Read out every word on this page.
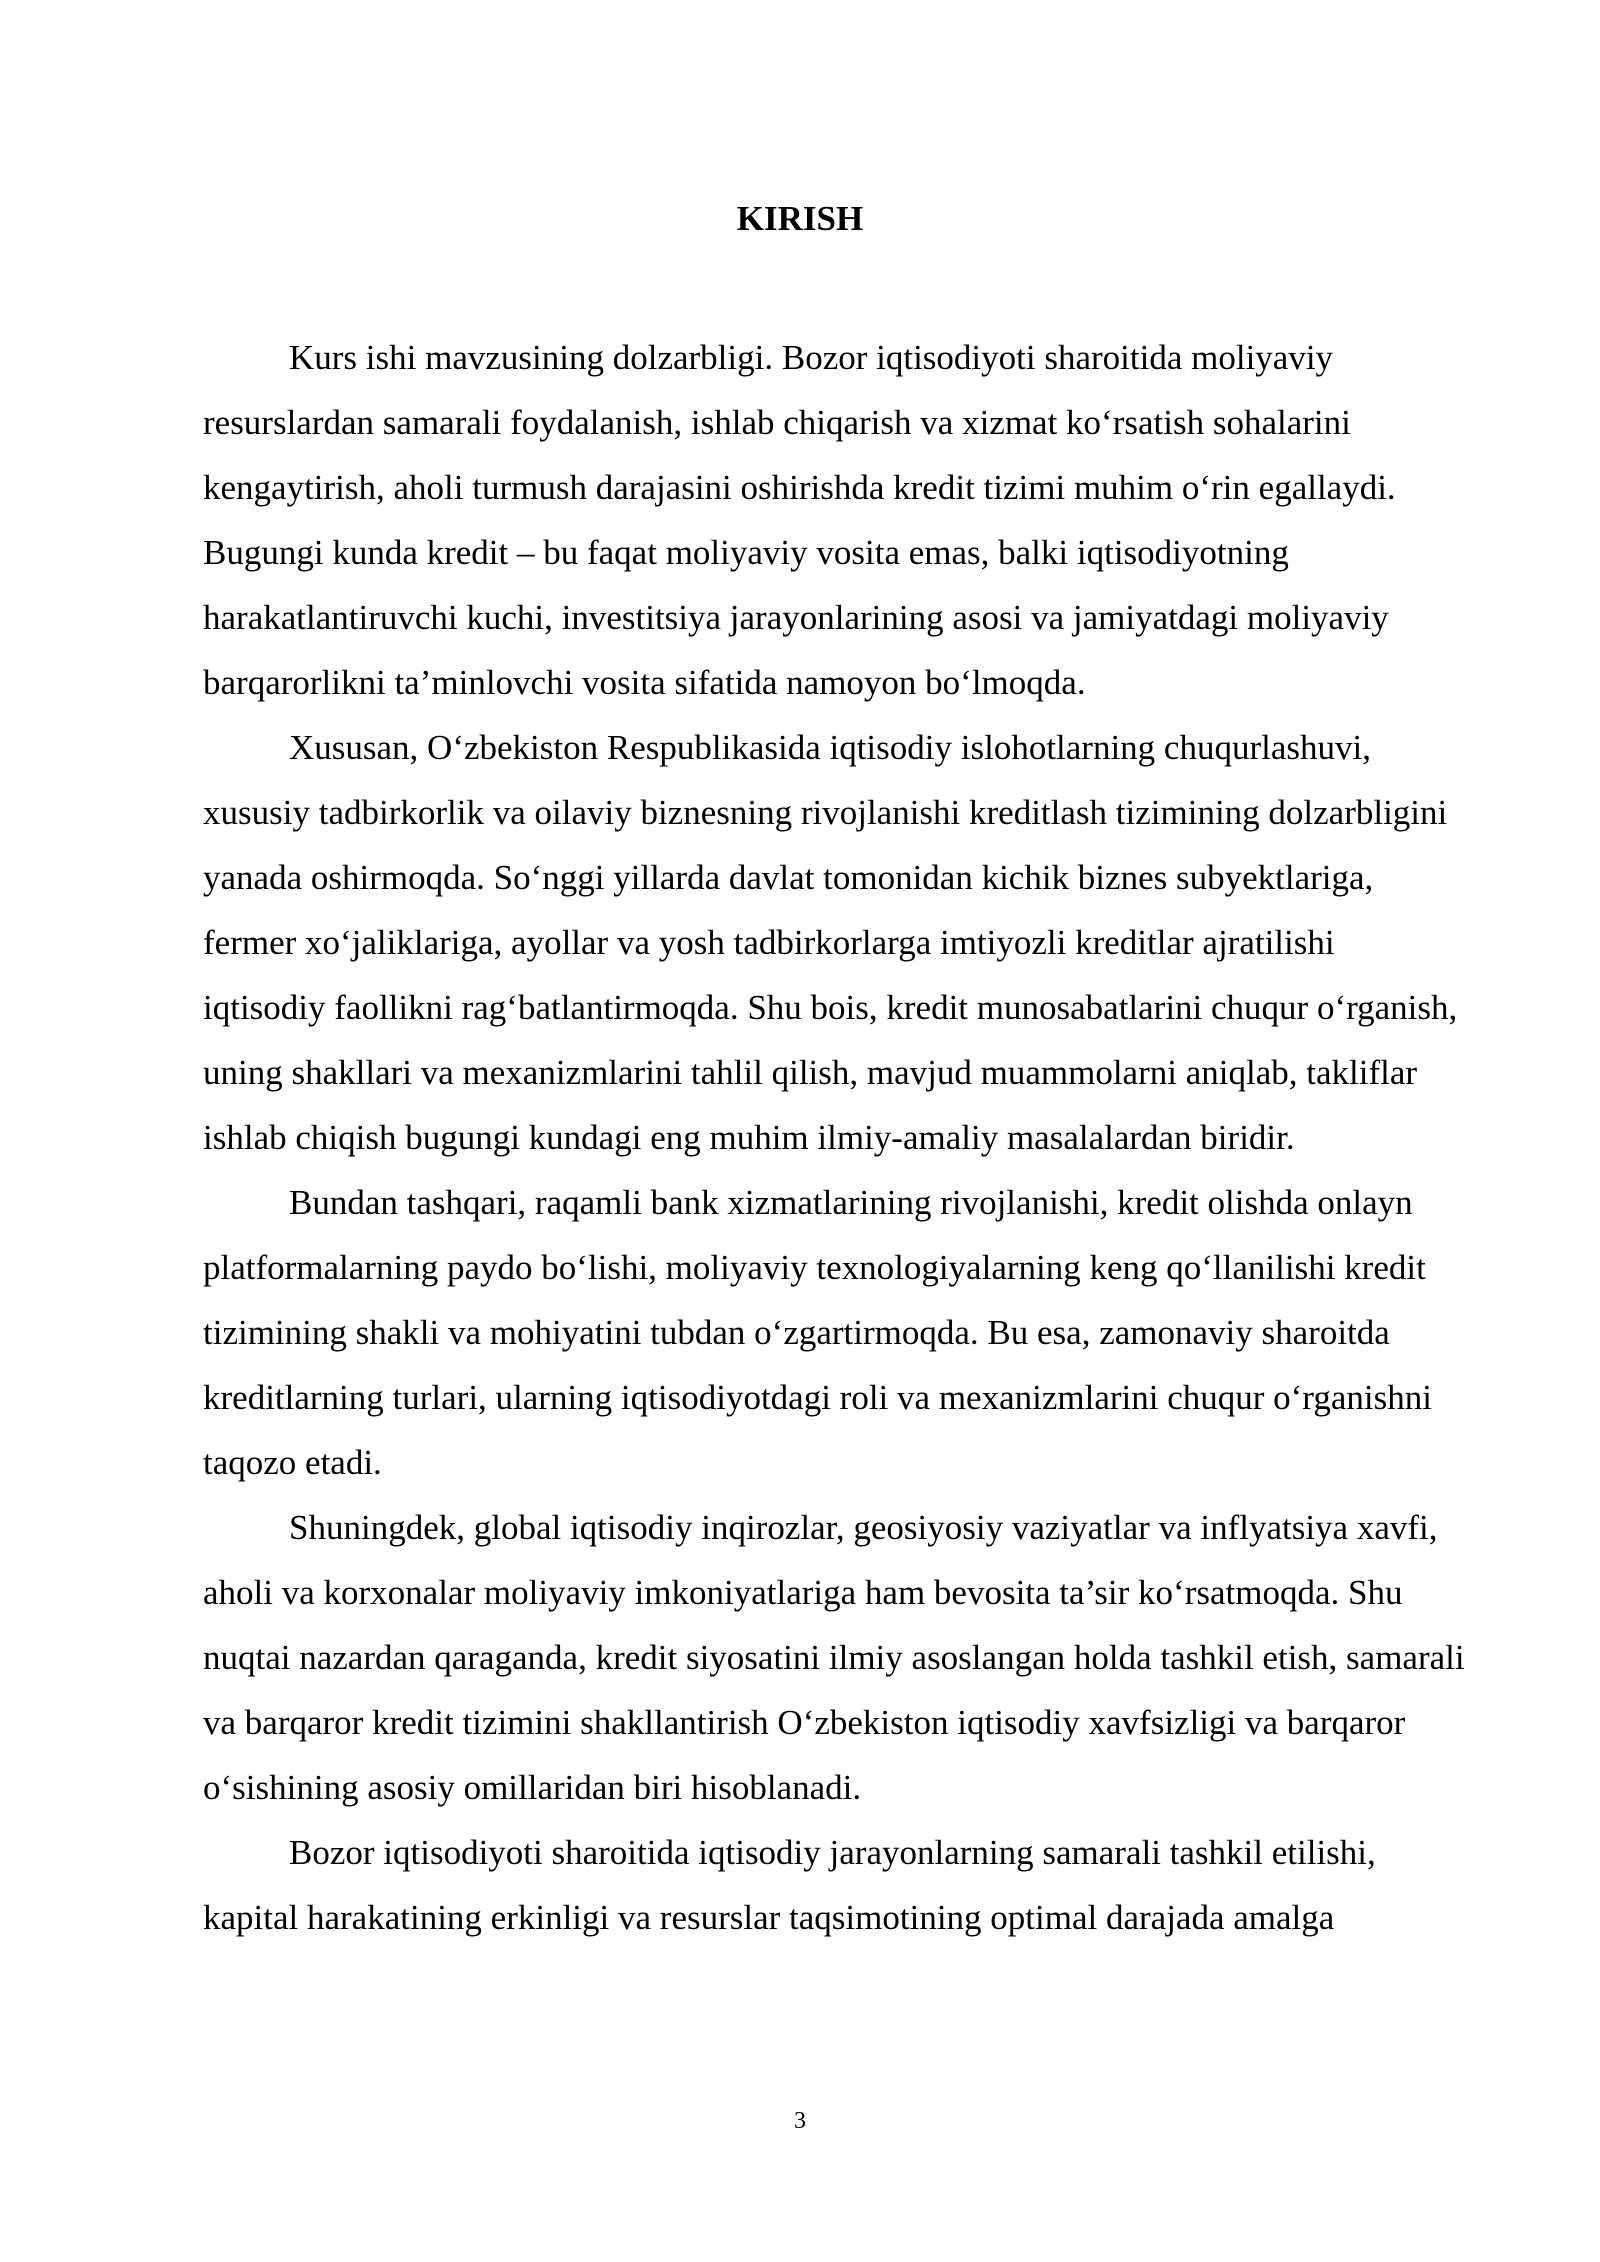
KIRISH

Kurs ishi mavzusining dolzarbligi. Bozor iqtisodiyoti sharoitida moliyaviy resurslardan samarali foydalanish, ishlab chiqarish va xizmat ko‘rsatish sohalarini kengaytirish, aholi turmush darajasini oshirishda kredit tizimi muhim o‘rin egallaydi. Bugungi kunda kredit – bu faqat moliyaviy vosita emas, balki iqtisodiyotning harakatlantiruvchi kuchi, investitsiya jarayonlarining asosi va jamiyatdagi moliyaviy barqarorlikni ta’minlovchi vosita sifatida namoyon bo‘lmoqda.

Xususan, O‘zbekiston Respublikasida iqtisodiy islohotlarning chuqurlashuvi, xususiy tadbirkorlik va oilaviy biznesning rivojlanishi kreditlash tizimining dolzarbligini yanada oshirmoqda. So‘nggi yillarda davlat tomonidan kichik biznes subyektlariga, fermer xo‘jaliklariga, ayollar va yosh tadbirkorlarga imtiyozli kreditlar ajratilishi iqtisodiy faollikni rag‘batlantirmoqda. Shu bois, kredit munosabatlarini chuqur o‘rganish, uning shakllari va mexanizmlarini tahlil qilish, mavjud muammolarni aniqlab, takliflar ishlab chiqish bugungi kundagi eng muhim ilmiy-amaliy masalalardan biridir.

Bundan tashqari, raqamli bank xizmatlarining rivojlanishi, kredit olishda onlayn platformalarning paydo bo‘lishi, moliyaviy texnologiyalarning keng qo‘llanilishi kredit tizimining shakli va mohiyatini tubdan o‘zgartirmoqda. Bu esa, zamonaviy sharoitda kreditlarning turlari, ularning iqtisodiyotdagi roli va mexanizmlarini chuqur o‘rganishni taqozo etadi.

Shuningdek, global iqtisodiy inqirozlar, geosiyosiy vaziyatlar va inflyatsiya xavfi, aholi va korxonalar moliyaviy imkoniyatlariga ham bevosita ta’sir ko‘rsatmoqda. Shu nuqtai nazardan qaraganda, kredit siyosatini ilmiy asoslangan holda tashkil etish, samarali va barqaror kredit tizimini shakllantirish O‘zbekiston iqtisodiy xavfsizligi va barqaror o‘sishining asosiy omillaridan biri hisoblanadi.

Bozor iqtisodiyoti sharoitida iqtisodiy jarayonlarning samarali tashkil etilishi, kapital harakatining erkinligi va resurslar taqsimotining optimal darajada amalga

3
